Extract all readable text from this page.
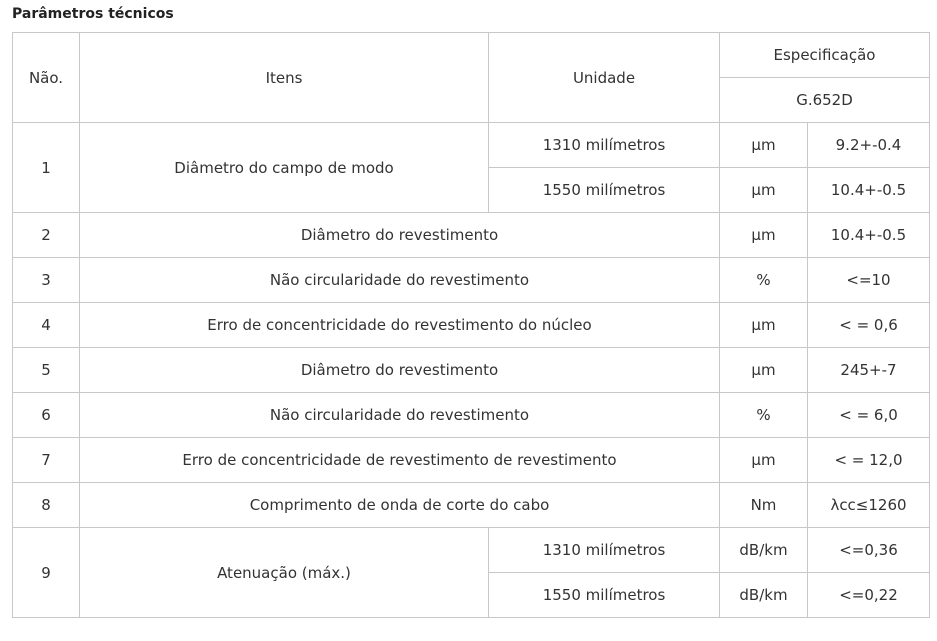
Parâmetros técnicos
Não.	Itens	Unidade	Especificação	
			G.652D	
1	Diâmetro do campo de modo	1310 milímetros	μm	9.2+-0.4
		1550 milímetros	μm	10.4+-0.5
2	Diâmetro do revestimento		μm	10.4+-0.5
3	Não circularidade do revestimento		%	<=10
4	Erro de concentricidade do revestimento do núcleo		μm	< = 0,6
5	Diâmetro do revestimento		μm	245+-7
6	Não circularidade do revestimento		%	< = 6,0
7	Erro de concentricidade de revestimento de revestimento		μm	< = 12,0
8	Comprimento de onda de corte do cabo		Nm	λcc≤1260
9	Atenuação (máx.)	1310 milímetros	dB/km	<=0,36
		1550 milímetros	dB/km	<=0,22
